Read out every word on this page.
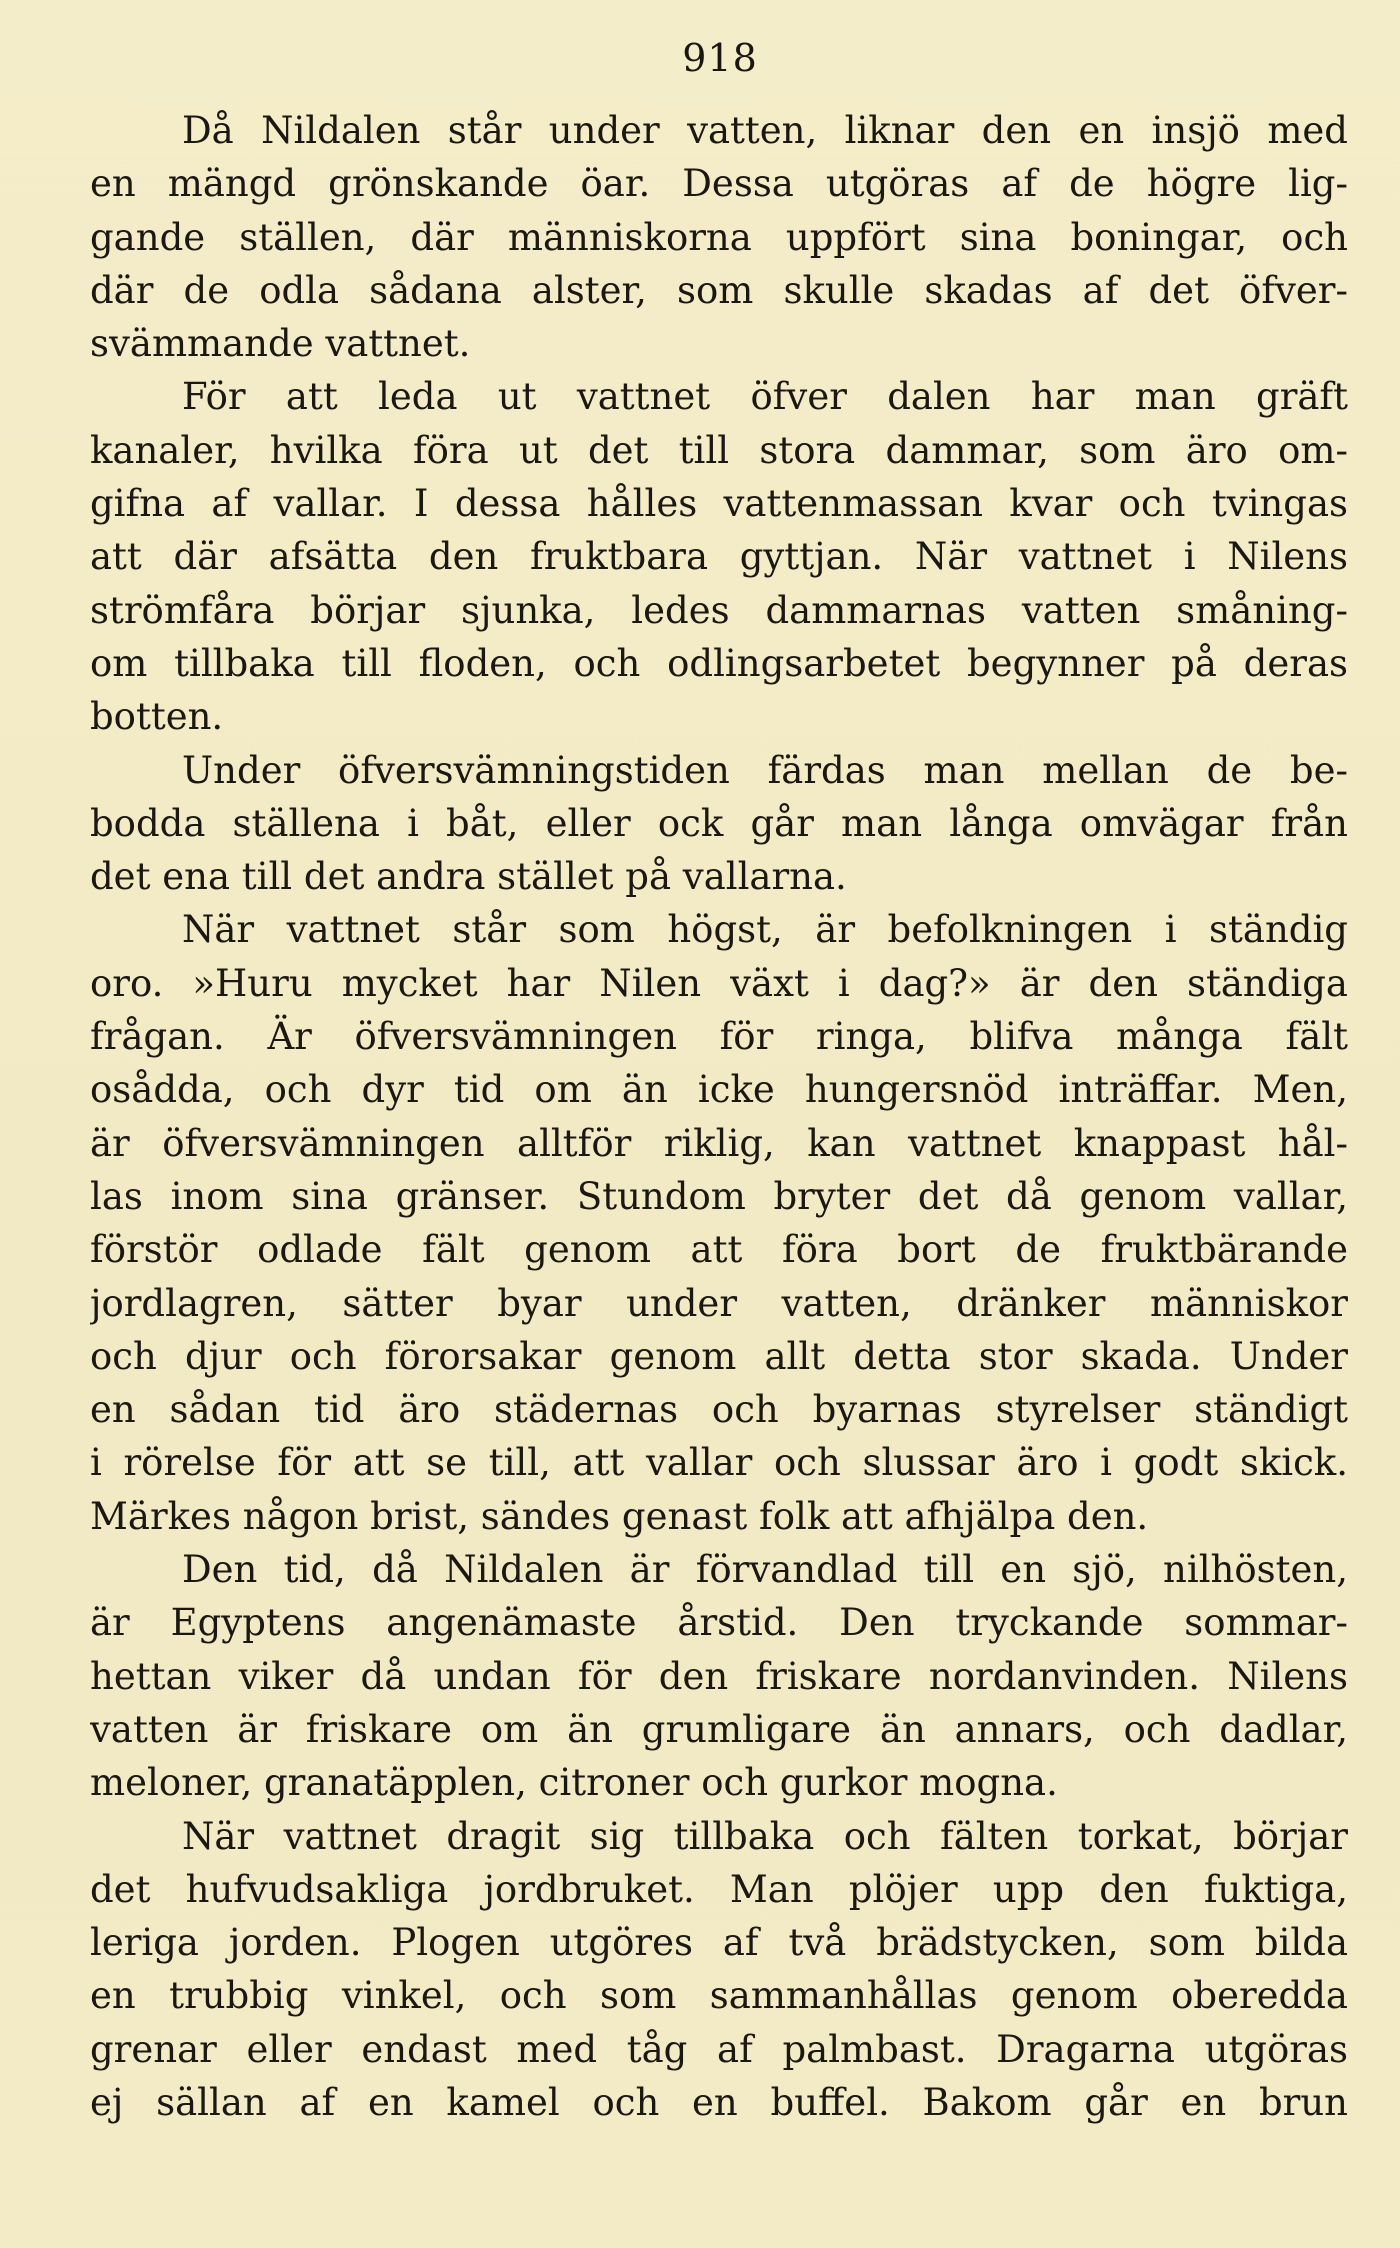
918
Då Nildalen står under vatten, liknar den en insjö med
en mängd grönskande öar. Dessa utgöras af de högre lig-
gande ställen, där människorna uppfört sina boningar, och
där de odla sådana alster, som skulle skadas af det öfver-
svämmande vattnet.
För att leda ut vattnet öfver dalen har man gräft
kanaler, hvilka föra ut det till stora dammar, som äro om-
gifna af vallar. I dessa hålles vattenmassan kvar och tvingas
att där afsätta den fruktbara gyttjan. När vattnet i Nilens
strömfåra börjar sjunka, ledes dammarnas vatten småning-
om tillbaka till floden, och odlingsarbetet begynner på deras
botten.
Under öfversvämningstiden färdas man mellan de be-
bodda ställena i båt, eller ock går man långa omvägar från
det ena till det andra stället på vallarna.
När vattnet står som högst, är befolkningen i ständig
oro. »Huru mycket har Nilen växt i dag?» är den ständiga
frågan. Är öfversvämningen för ringa, blifva många fält
osådda, och dyr tid om än icke hungersnöd inträffar. Men,
är öfversvämningen alltför riklig, kan vattnet knappast hål-
las inom sina gränser. Stundom bryter det då genom vallar,
förstör odlade fält genom att föra bort de fruktbärande
jordlagren, sätter byar under vatten, dränker människor
och djur och förorsakar genom allt detta stor skada. Under
en sådan tid äro städernas och byarnas styrelser ständigt
i rörelse för att se till, att vallar och slussar äro i godt skick.
Märkes någon brist, sändes genast folk att afhjälpa den.
Den tid, då Nildalen är förvandlad till en sjö, nilhösten,
är Egyptens angenämaste årstid. Den tryckande sommar-
hettan viker då undan för den friskare nordanvinden. Nilens
vatten är friskare om än grumligare än annars, och dadlar,
meloner, granatäpplen, citroner och gurkor mogna.
När vattnet dragit sig tillbaka och fälten torkat, börjar
det hufvudsakliga jordbruket. Man plöjer upp den fuktiga,
leriga jorden. Plogen utgöres af två brädstycken, som bilda
en trubbig vinkel, och som sammanhållas genom oberedda
grenar eller endast med tåg af palmbast. Dragarna utgöras
ej sällan af en kamel och en buffel. Bakom går en brun
